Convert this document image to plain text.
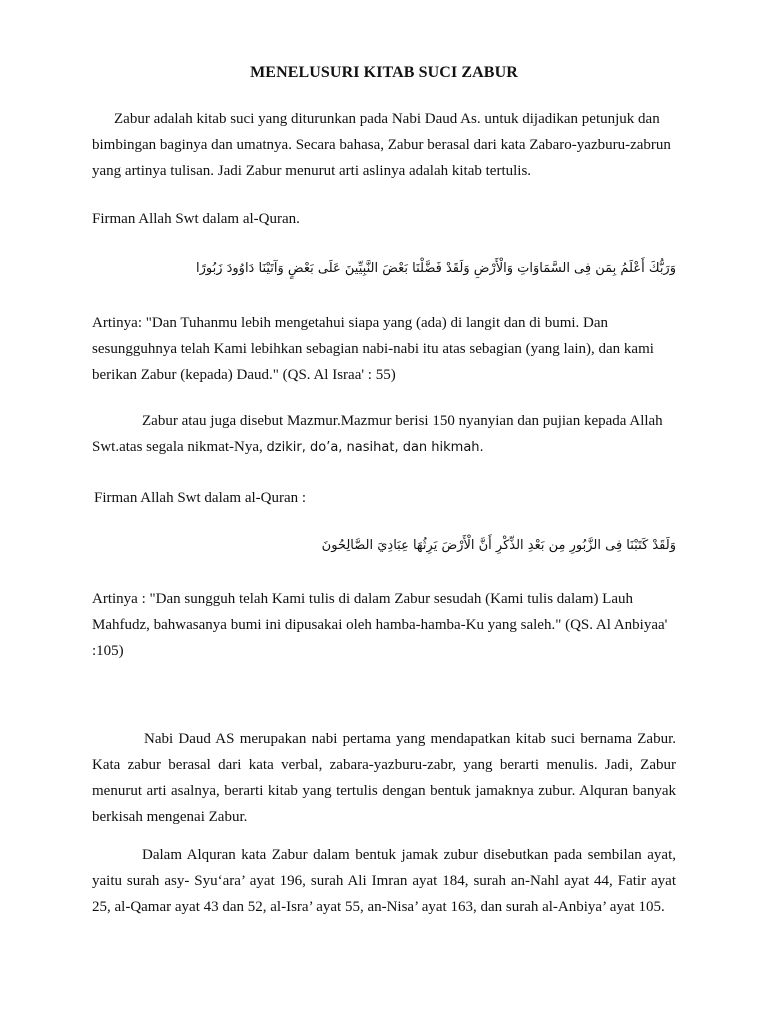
MENELUSURI KITAB SUCI ZABUR

Zabur adalah kitab suci yang diturunkan pada Nabi Daud As. untuk dijadikan petunjuk dan bimbingan baginya dan umatnya. Secara bahasa, Zabur berasal dari kata Zabaro-yazburu-zabrun yang artinya tulisan. Jadi Zabur menurut arti aslinya adalah kitab tertulis.

Firman Allah Swt dalam al-Quran.

وَرَبُّكَ أَعْلَمُ بِمَن فِى السَّمَاوَاتِ وَالْأَرْضِ وَلَقَدْ فَضَّلْنَا بَعْضَ النَّبِيِّينَ عَلَى بَعْضٍ وَآتَيْنَا دَاوُودَ زَبُورًا

Artinya: "Dan Tuhanmu lebih mengetahui siapa yang (ada) di langit dan di bumi. Dan sesungguhnya telah Kami lebihkan sebagian nabi-nabi itu atas sebagian (yang lain), dan kami berikan Zabur (kepada) Daud." (QS. Al Israa' : 55)

Zabur atau juga disebut Mazmur.Mazmur berisi 150 nyanyian dan pujian kepada Allah Swt.atas segala nikmat-Nya, dzikir, do’a, nasihat, dan hikmah.

Firman Allah Swt dalam al-Quran :

وَلَقَدْ كَتَبْنَا فِى الزَّبُورِ مِن بَعْدِ الذِّكْرِ أَنَّ الْأَرْضَ يَرِثُهَا عِبَادِيَ الصَّالِحُونَ

Artinya : "Dan sungguh telah Kami tulis di dalam Zabur sesudah (Kami tulis dalam) Lauh Mahfudz, bahwasanya bumi ini dipusakai oleh hamba-hamba-Ku yang saleh." (QS. Al Anbiyaa' :105)

Nabi Daud AS merupakan nabi pertama yang mendapatkan kitab suci bernama Zabur. Kata zabur berasal dari kata verbal, zabara-yazburu-zabr, yang berarti menulis. Jadi, Zabur menurut arti asalnya, berarti kitab yang tertulis dengan bentuk jamaknya zubur. Alquran banyak berkisah mengenai Zabur.

Dalam Alquran kata Zabur dalam bentuk jamak zubur disebutkan pada sembilan ayat, yaitu surah asy- Syu‘ara’ ayat 196, surah Ali Imran ayat 184, surah an-Nahl ayat 44, Fatir ayat 25, al-Qamar ayat 43 dan 52, al-Isra’ ayat 55, an-Nisa’ ayat 163, dan surah al-Anbiya’ ayat 105.
